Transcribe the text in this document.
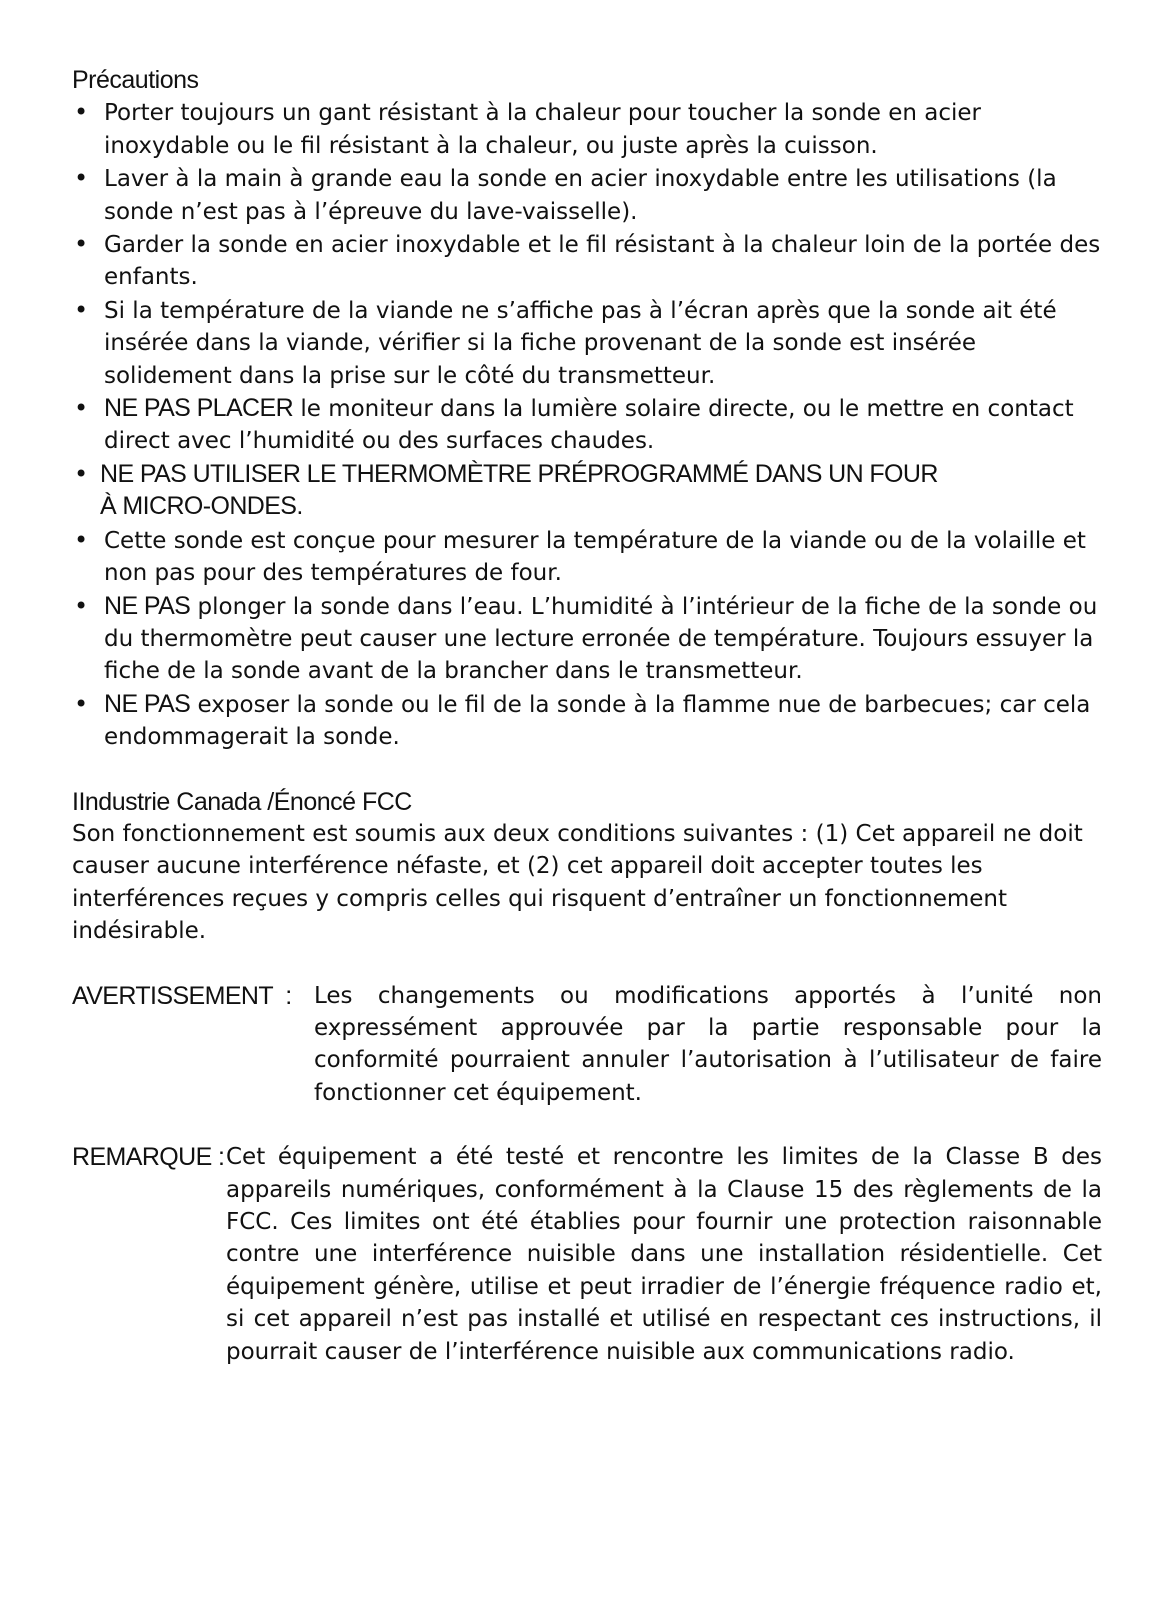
Précautions
• Porter toujours un gant résistant à la chaleur pour toucher la sonde en acier inoxydable ou le fil résistant à la chaleur, ou juste après la cuisson.
• Laver à la main à grande eau la sonde en acier inoxydable entre les utilisations (la sonde n’est pas à l’épreuve du lave-vaisselle).
• Garder la sonde en acier inoxydable et le fil résistant à la chaleur loin de la portée des enfants.
• Si la température de la viande ne s’affiche pas à l’écran après que la sonde ait été insérée dans la viande, vérifier si la fiche provenant de la sonde est insérée solidement dans la prise sur le côté du transmetteur.
• NE PAS PLACER le moniteur dans la lumière solaire directe, ou le mettre en contact direct avec l’humidité ou des surfaces chaudes.
• NE PAS UTILISER LE THERMOMÈTRE PRÉPROGRAMMÉ DANS UN FOUR À MICRO-ONDES.
• Cette sonde est conçue pour mesurer la température de la viande ou de la volaille et non pas pour des températures de four.
• NE PAS plonger la sonde dans l’eau. L’humidité à l’intérieur de la fiche de la sonde ou du thermomètre peut causer une lecture erronée de température. Toujours essuyer la fiche de la sonde avant de la brancher dans le transmetteur.
• NE PAS exposer la sonde ou le fil de la sonde à la flamme nue de barbecues; car cela endommagerait la sonde.
IIndustrie Canada /Énoncé FCC

Son fonctionnement est soumis aux deux conditions suivantes : (1) Cet appareil ne doit causer aucune interférence néfaste, et (2) cet appareil doit accepter toutes les interférences reçues y compris celles qui risquent d’entraîner un fonctionnement indésirable.

AVERTISSEMENT  : Les changements ou modifications apportés à l’unité non expressément approuvée par la partie responsable pour la conformité pourraient annuler l’autorisation à l’utilisateur de faire fonctionner cet équipement.
REMARQUE : Cet équipement a été testé et rencontre les limites de la Classe B des appareils numériques, conformément à la Clause 15 des règlements de la FCC. Ces limites ont été établies pour fournir une protection raisonnable contre une interférence nuisible dans une installation résidentielle. Cet équipement génère, utilise et peut irradier de l’énergie fréquence radio et, si cet appareil n’est pas installé et utilisé en respectant ces instructions, il pourrait causer de l’interférence nuisible aux communications radio.
